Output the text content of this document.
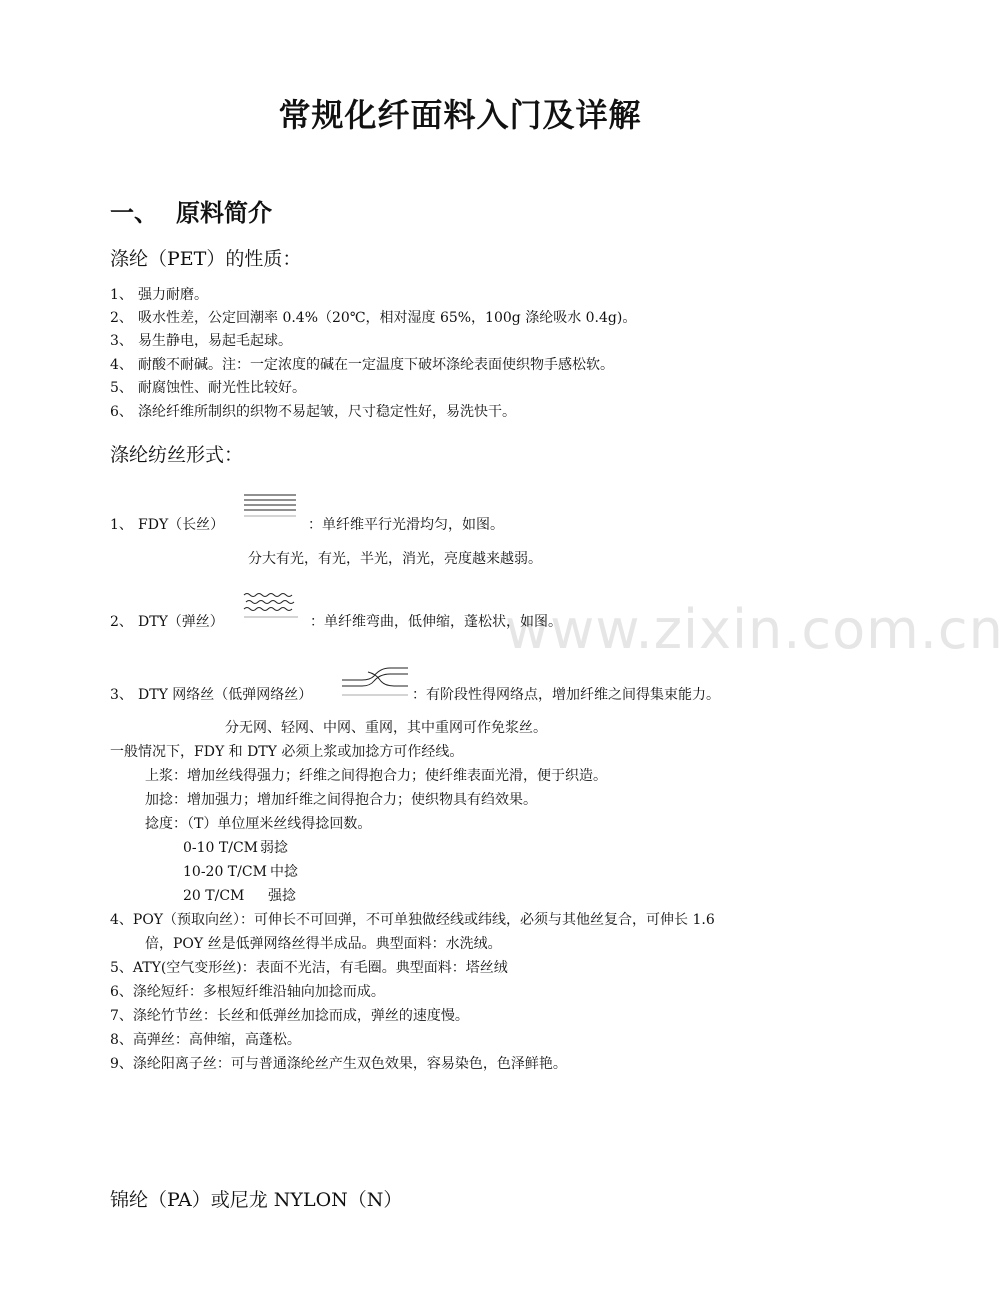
www.zixin.com.cn
常规化纤面料入门及详解
一、 原料简介
涤纶（PET）的性质：
1、 强力耐磨。
2、 吸水性差，公定回潮率 0.4%（20℃，相对湿度 65%，100g 涤纶吸水 0.4g)。
3、 易生静电，易起毛起球。
4、 耐酸不耐碱。注：一定浓度的碱在一定温度下破坏涤纶表面使织物手感松软。
5、 耐腐蚀性、耐光性比较好。
6、 涤纶纤维所制织的织物不易起皱，尺寸稳定性好，易洗快干。
涤纶纺丝形式：
1、 FDY（长丝）	：单纤维平行光滑均匀，如图。
分大有光，有光，半光，消光，亮度越来越弱。
2、 DTY（弹丝）	：单纤维弯曲，低伸缩，蓬松状，如图。
3、 DTY 网络丝（低弹网络丝）	：有阶段性得网络点，增加纤维之间得集束能力。
分无网、轻网、中网、重网，其中重网可作免浆丝。
一般情况下，FDY 和 DTY 必须上浆或加捻方可作经线。
上浆：增加丝线得强力；纤维之间得抱合力；使纤维表面光滑，便于织造。
加捻：增加强力；增加纤维之间得抱合力；使织物具有绉效果。
捻度：（T）单位厘米丝线得捻回数。
0-10 T/CM 弱捻
10-20 T/CM 中捻
20 T/CM 强捻
4、POY（预取向丝）：可伸长不可回弹，不可单独做经线或纬线，必须与其他丝复合，可伸长 1.6
倍，POY 丝是低弹网络丝得半成品。典型面料：水洗绒。
5、ATY(空气变形丝)：表面不光洁，有毛圈。典型面料：塔丝绒
6、涤纶短纤：多根短纤维沿轴向加捻而成。
7、涤纶竹节丝：长丝和低弹丝加捻而成，弹丝的速度慢。
8、高弹丝：高伸缩，高蓬松。
9、涤纶阳离子丝：可与普通涤纶丝产生双色效果，容易染色，色泽鲜艳。
锦纶（PA）或尼龙 NYLON（N）
